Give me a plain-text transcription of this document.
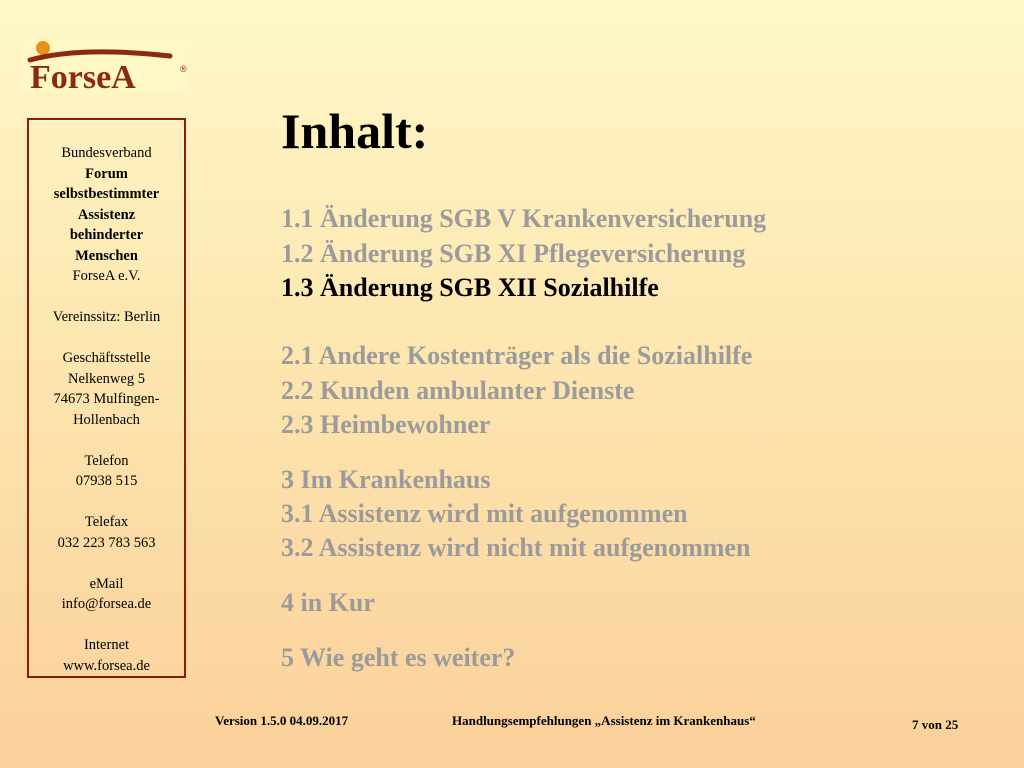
ForseA	®
Bundesverband
Forum
selbstbestimmter
Assistenz
behinderter
Menschen
ForseA e.V.
Vereinssitz: Berlin
Geschäftsstelle
Nelkenweg 5
74673 Mulfingen-
Hollenbach
Telefon
07938 515
Telefax
032 223 783 563
eMail
info@forsea.de
Internet
www.forsea.de
Inhalt:
1.1 Änderung SGB V Krankenversicherung
1.2 Änderung SGB XI Pflegeversicherung
1.3 Änderung SGB XII Sozialhilfe
2.1 Andere Kostenträger als die Sozialhilfe
2.2 Kunden ambulanter Dienste
2.3 Heimbewohner
3 Im Krankenhaus
3.1 Assistenz wird mit aufgenommen
3.2 Assistenz wird nicht mit aufgenommen
4 in Kur
5 Wie geht es weiter?
Version 1.5.0 04.09.2017	Handlungsempfehlungen „Assistenz im Krankenhaus“	7 von 25
